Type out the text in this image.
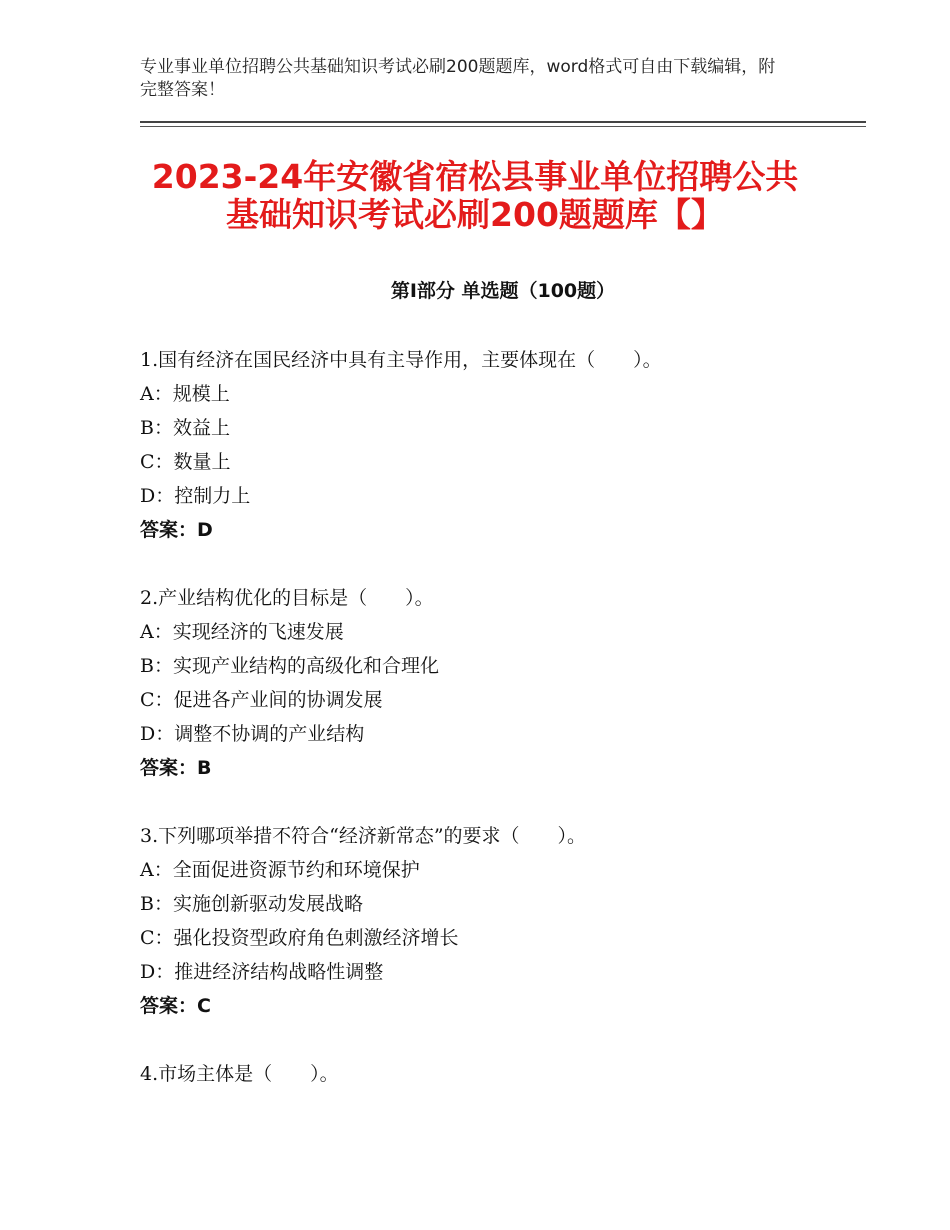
专业事业单位招聘公共基础知识考试必刷200题题库，word格式可自由下载编辑，附完整答案！
2023-24年安徽省宿松县事业单位招聘公共
基础知识考试必刷200题题库【】
第Ⅰ部分 单选题（100题）
1.国有经济在国民经济中具有主导作用，主要体现在（　　）。
A：规模上
B：效益上
C：数量上
D：控制力上
答案：D
2.产业结构优化的目标是（　　）。
A：实现经济的飞速发展
B：实现产业结构的高级化和合理化
C：促进各产业间的协调发展
D：调整不协调的产业结构
答案：B
3.下列哪项举措不符合“经济新常态”的要求（　　）。
A：全面促进资源节约和环境保护
B：实施创新驱动发展战略
C：强化投资型政府角色刺激经济增长
D：推进经济结构战略性调整
答案：C
4.市场主体是（　　）。
